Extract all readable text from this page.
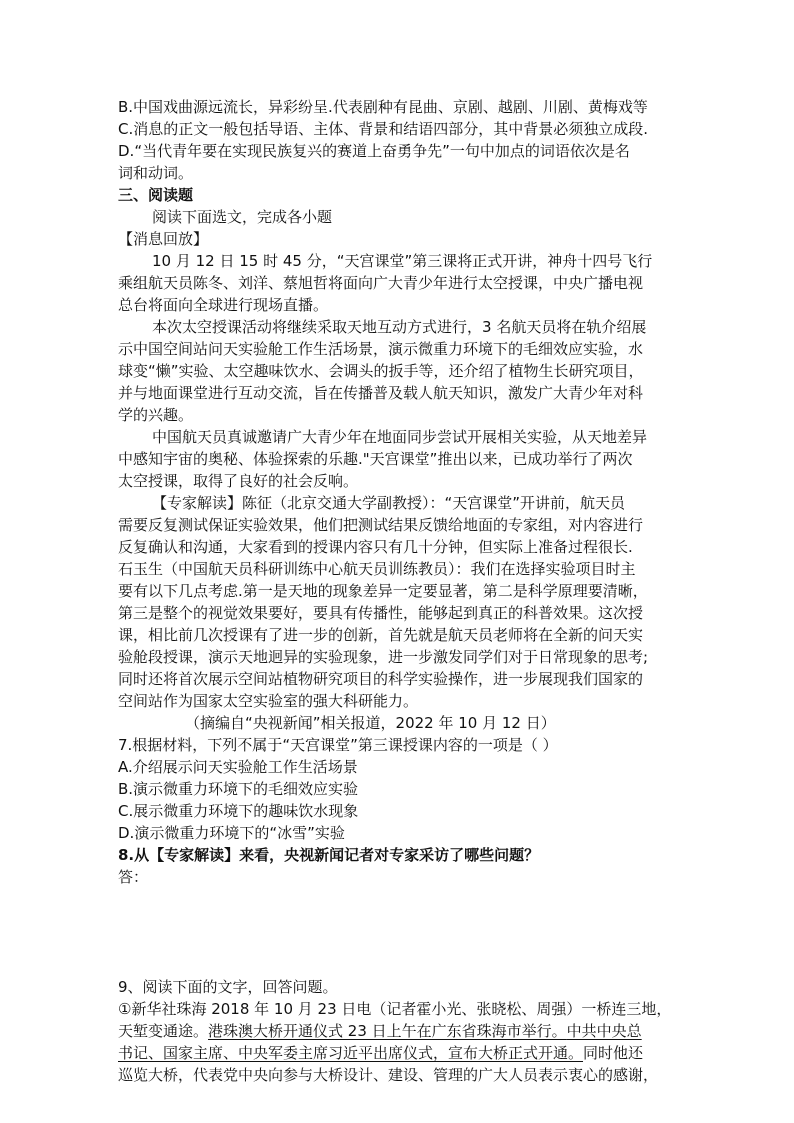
B.中国戏曲源远流长，异彩纷呈.代表剧种有昆曲、京剧、越剧、川剧、黄梅戏等
C.消息的正文一般包括导语、主体、背景和结语四部分，其中背景必须独立成段.
D.“当代青年要在实现民族复兴的赛道上奋勇争先”一句中加点的词语依次是名
词和动词。
三、阅读题
阅读下面选文，完成各小题
【消息回放】
10 月 12 日 15 时 45 分，“天宫课堂”第三课将正式开讲，神舟十四号飞行
乘组航天员陈冬、刘洋、蔡旭哲将面向广大青少年进行太空授课，中央广播电视
总台将面向全球进行现场直播。
本次太空授课活动将继续采取天地互动方式进行，3 名航天员将在轨介绍展
示中国空间站问天实验舱工作生活场景，演示微重力环境下的毛细效应实验，水
球变“懒”实验、太空趣味饮水、会调头的扳手等，还介绍了植物生长研究项目，
并与地面课堂进行互动交流，旨在传播普及载人航天知识，激发广大青少年对科
学的兴趣。
中国航天员真诚邀请广大青少年在地面同步尝试开展相关实验，从天地差异
中感知宇宙的奥秘、体验探索的乐趣."天宫课堂”推出以来，已成功举行了两次
太空授课，取得了良好的社会反响。
【专家解读】陈征（北京交通大学副教授）：“天宫课堂”开讲前，航天员
需要反复测试保证实验效果，他们把测试结果反馈给地面的专家组，对内容进行
反复确认和沟通，大家看到的授课内容只有几十分钟，但实际上准备过程很长.
石玉生（中国航天员科研训练中心航天员训练教员）：我们在选择实验项目时主
要有以下几点考虑.第一是天地的现象差异一定要显著，第二是科学原理要清晰，
第三是整个的视觉效果要好，要具有传播性，能够起到真正的科普效果。这次授
课，相比前几次授课有了进一步的创新，首先就是航天员老师将在全新的问天实
验舱段授课，演示天地迥异的实验现象，进一步激发同学们对于日常现象的思考;
同时还将首次展示空间站植物研究项目的科学实验操作，进一步展现我们国家的
空间站作为国家太空实验室的强大科研能力。
（摘编自“央视新闻”相关报道，2022 年 10 月 12 日）
7.根据材料，下列不属于“天宫课堂”第三课授课内容的一项是（ ）
A.介绍展示问天实验舱工作生活场景
B.演示微重力环境下的毛细效应实验
C.展示微重力环境下的趣味饮水现象
D.演示微重力环境下的“冰雪”实验
8.从【专家解读】来看，央视新闻记者对专家采访了哪些问题？
答：
9、阅读下面的文字，回答问题。
①新华社珠海 2018 年 10 月 23 日电（记者霍小光、张晓松、周强）一桥连三地，
天堑变通途。港珠澳大桥开通仪式 23 日上午在广东省珠海市举行。中共中央总
书记、国家主席、中央军委主席习近平出席仪式，宣布大桥正式开通。同时他还
巡览大桥，代表党中央向参与大桥设计、建设、管理的广大人员表示衷心的感谢，
